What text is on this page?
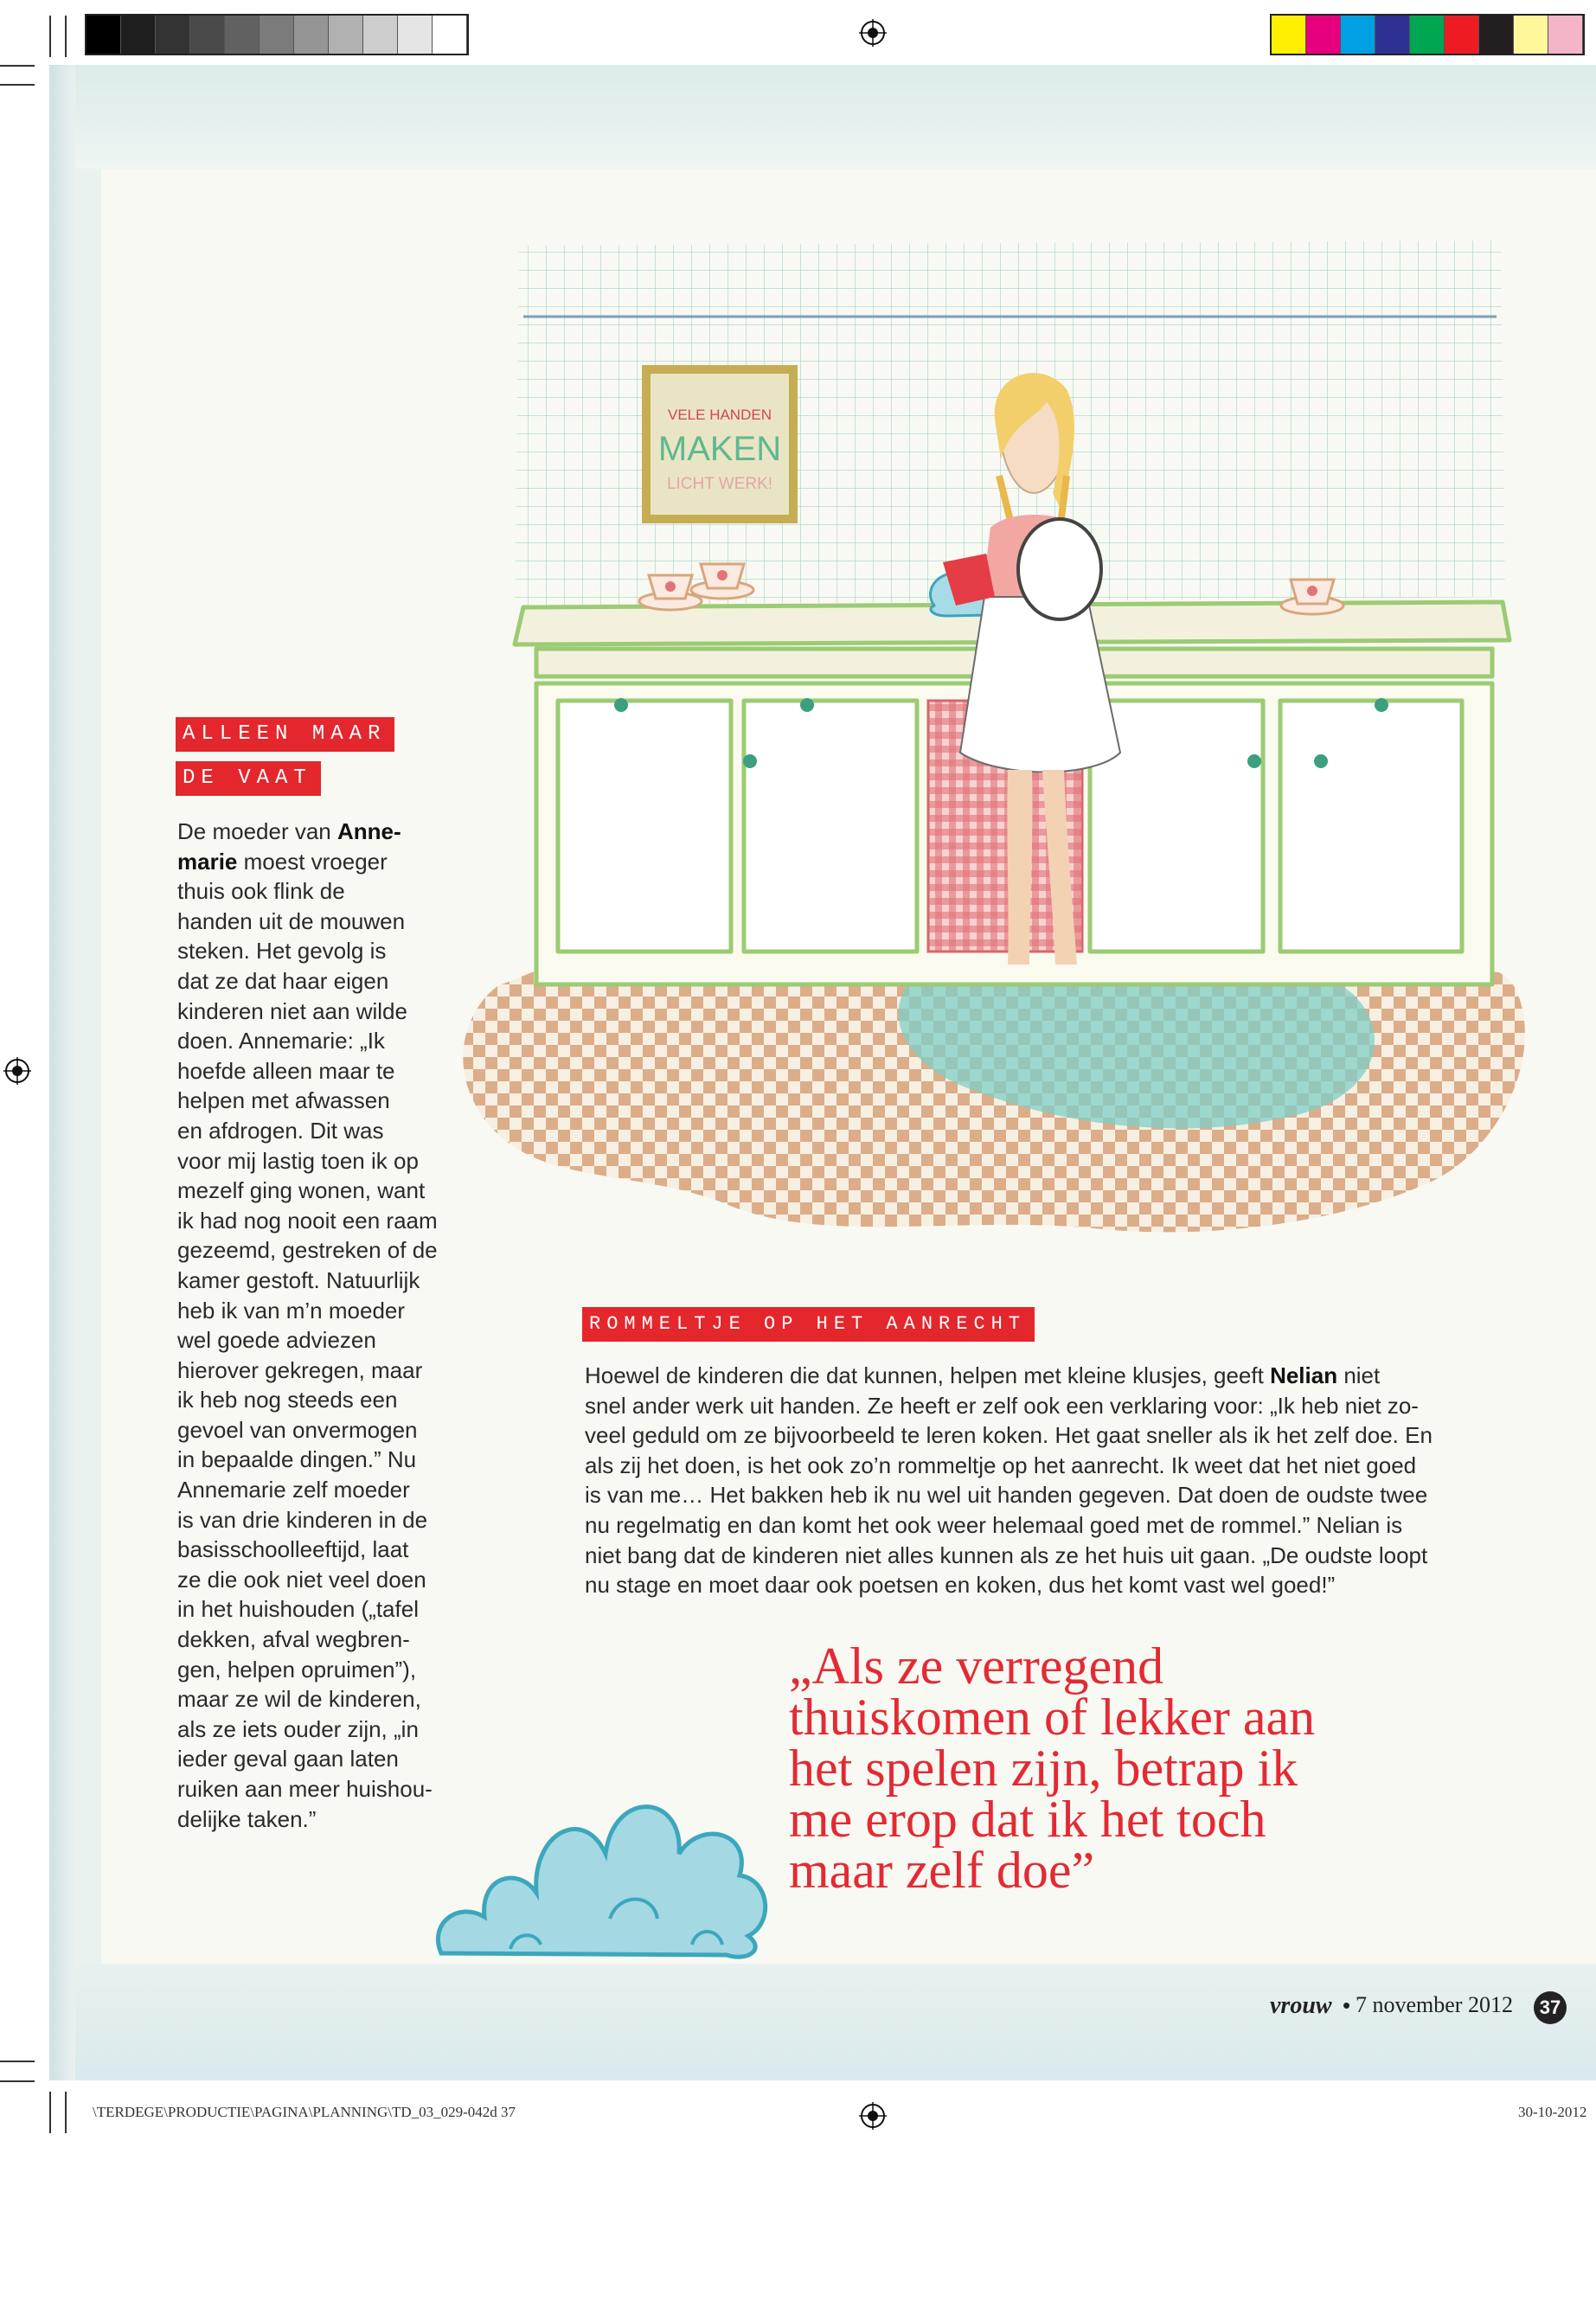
VELE HANDEN
MAKEN
LICHT WERK!
ALLEEN MAAR
DE VAAT
De moeder van Anne-
marie moest vroeger
thuis ook flink de
handen uit de mouwen
steken. Het gevolg is
dat ze dat haar eigen
kinderen niet aan wilde
doen. Annemarie: „Ik
hoefde alleen maar te
helpen met afwassen
en afdrogen. Dit was
voor mij lastig toen ik op
mezelf ging wonen, want
ik had nog nooit een raam
gezeemd, gestreken of de
kamer gestoft. Natuurlijk
heb ik van m’n moeder
wel goede adviezen
hierover gekregen, maar
ik heb nog steeds een
gevoel van onvermogen
in bepaalde dingen.” Nu
Annemarie zelf moeder
is van drie kinderen in de
basisschoolleeftijd, laat
ze die ook niet veel doen
in het huishouden („tafel
dekken, afval wegbren-
gen, helpen opruimen”),
maar ze wil de kinderen,
als ze iets ouder zijn, „in
ieder geval gaan laten
ruiken aan meer huishou-
delijke taken.”
ROMMELTJE OP HET AANRECHT
Hoewel de kinderen die dat kunnen, helpen met kleine klusjes, geeft Nelian niet
snel ander werk uit handen. Ze heeft er zelf ook een verklaring voor: „Ik heb niet zo-
veel geduld om ze bijvoorbeeld te leren koken. Het gaat sneller als ik het zelf doe. En
als zij het doen, is het ook zo’n rommeltje op het aanrecht. Ik weet dat het niet goed
is van me… Het bakken heb ik nu wel uit handen gegeven. Dat doen de oudste twee
nu regelmatig en dan komt het ook weer helemaal goed met de rommel.” Nelian is
niet bang dat de kinderen niet alles kunnen als ze het huis uit gaan. „De oudste loopt
nu stage en moet daar ook poetsen en koken, dus het komt vast wel goed!”
„Als ze verregend
thuiskomen of lekker aan
het spelen zijn, betrap ik
me erop dat ik het toch
maar zelf doe”
vrouw • 7 november 2012	37
\TERDEGE\PRODUCTIE\PAGINA\PLANNING\TD_03_029-042d 37	30-10-2012
